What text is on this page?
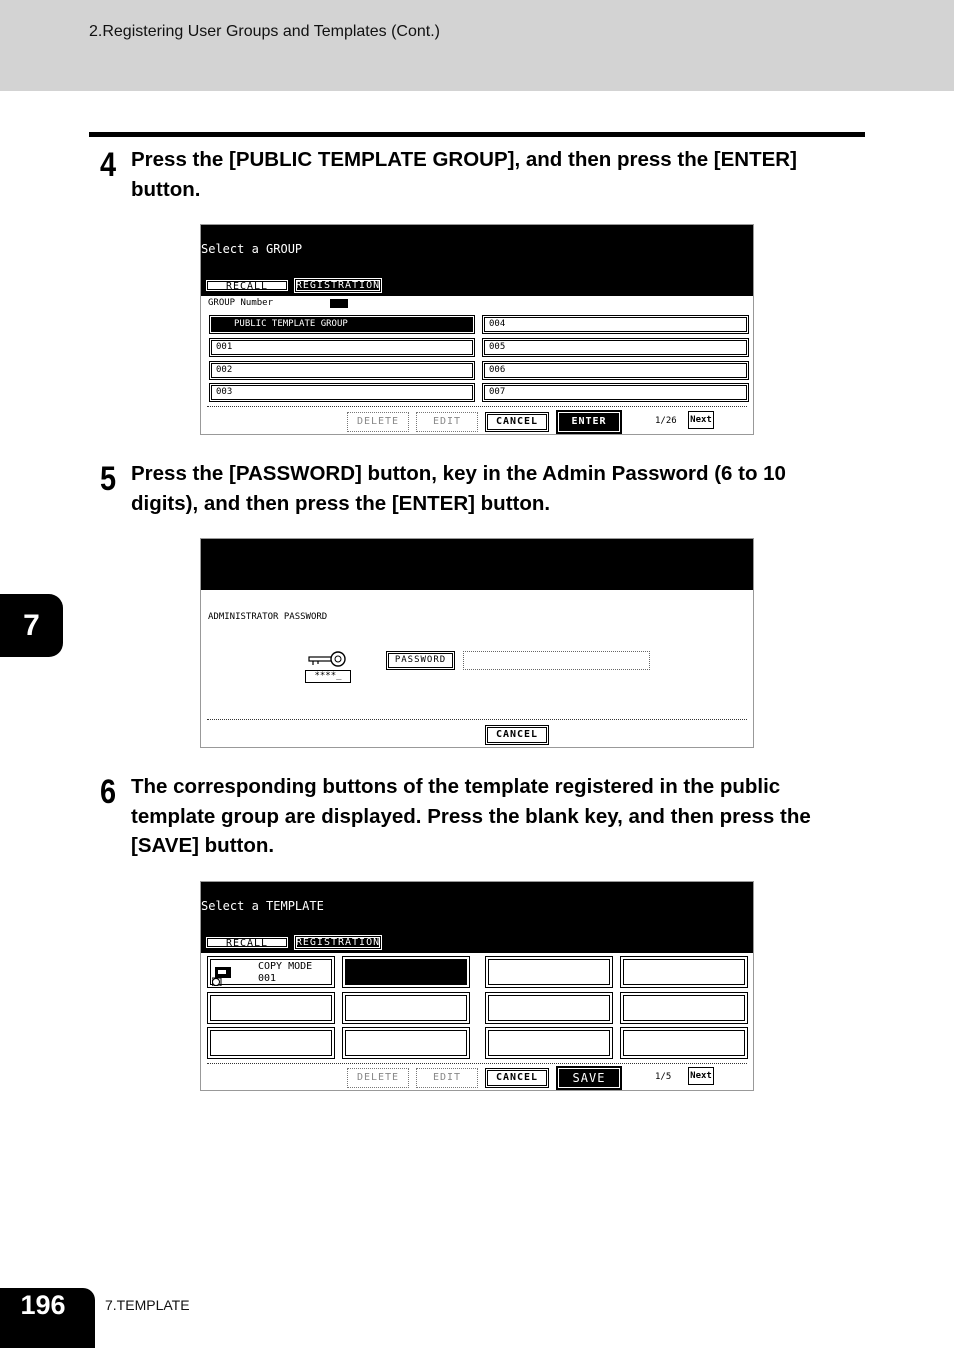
2.Registering User Groups and Templates (Cont.)
4 Press the [PUBLIC TEMPLATE GROUP], and then press the [ENTER]
button.
Select a GROUP
RECALL	REGISTRATION
GROUP Number
PUBLIC TEMPLATE GROUP
001
002
003
004
005
006
007
DELETE	EDIT	CANCEL	ENTER	1/26 Next
5 Press the [PASSWORD] button, key in the Admin Password (6 to 10
digits), and then press the [ENTER] button.
ADMINISTRATOR PASSWORD
****_
PASSWORD
CANCEL
7
6 The corresponding buttons of the template registered in the public
template group are displayed. Press the blank key, and then press the
[SAVE] button.
Select a TEMPLATE
RECALL	REGISTRATION
COPY MODE
001
DELETE	EDIT	CANCEL	SAVE	1/5 Next
196	7.TEMPLATE
